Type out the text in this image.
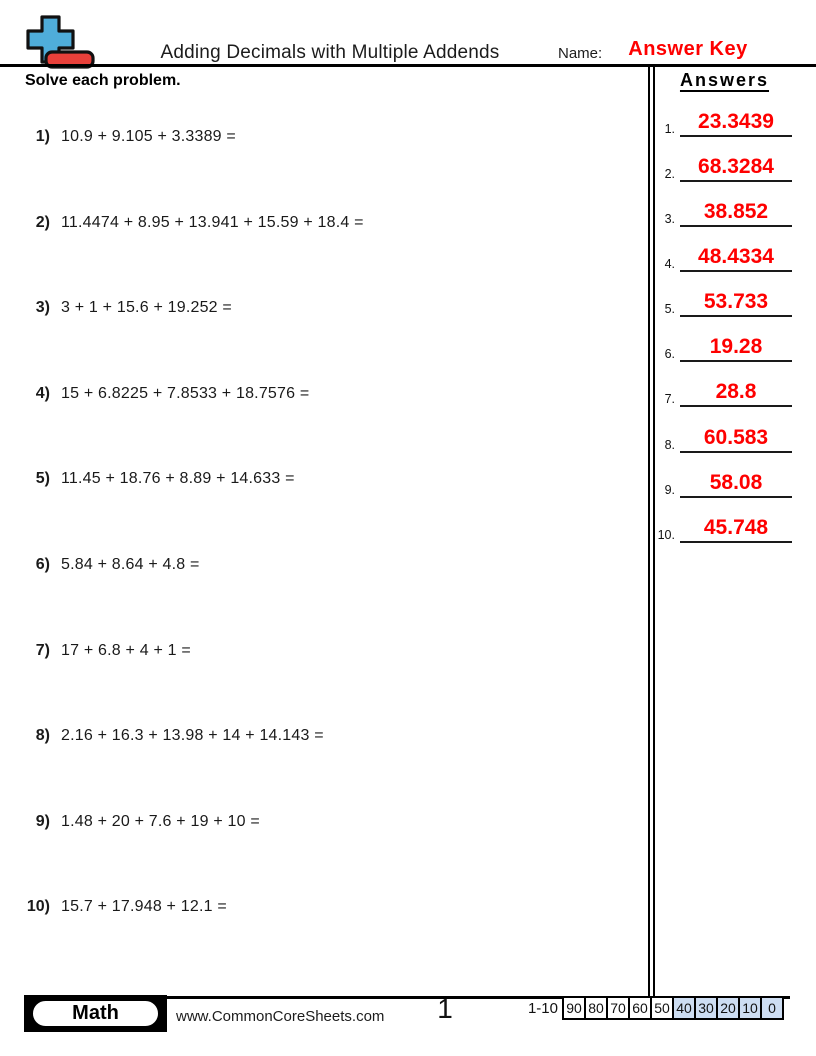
Adding Decimals with Multiple Addends	Name:	Answer Key
Solve each problem.
1) 10.9 + 9.105 + 3.3389 =
2) 11.4474 + 8.95 + 13.941 + 15.59 + 18.4 =
3) 3 + 1 + 15.6 + 19.252 =
4) 15 + 6.8225 + 7.8533 + 18.7576 =
5) 11.45 + 18.76 + 8.89 + 14.633 =
6) 5.84 + 8.64 + 4.8 =
7) 17 + 6.8 + 4 + 1 =
8) 2.16 + 16.3 + 13.98 + 14 + 14.143 =
9) 1.48 + 20 + 7.6 + 19 + 10 =
10) 15.7 + 17.948 + 12.1 =
Answers
1.	23.3439
2.	68.3284
3.	38.852
4.	48.4334
5.	53.733
6.	19.28
7.	28.8
8.	60.583
9.	58.08
10.	45.748
Math	www.CommonCoreSheets.com	1	1-10 90 80 70 60 50 40 30 20 10 0
